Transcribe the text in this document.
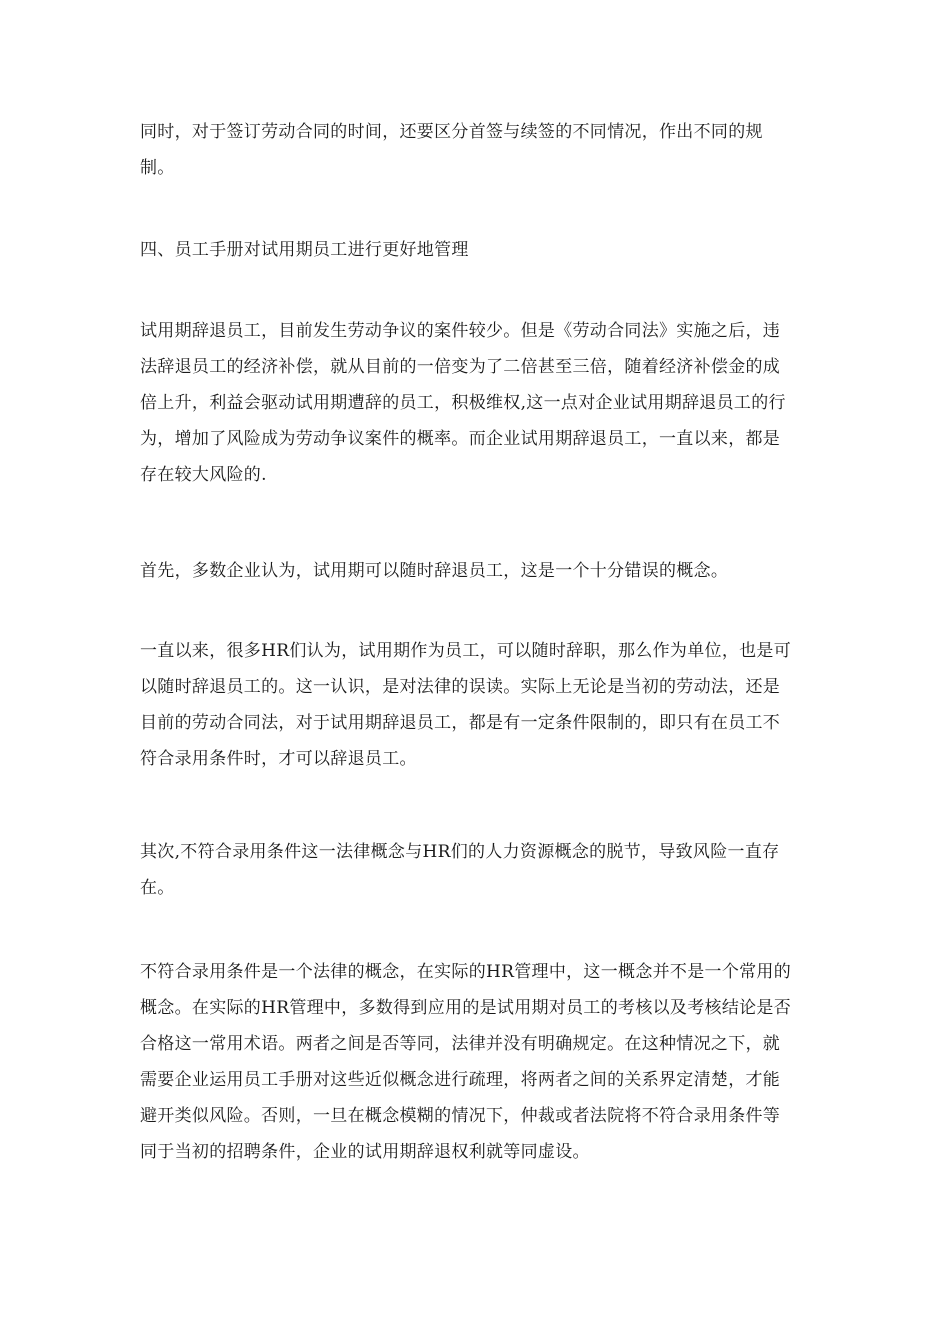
同时，对于签订劳动合同的时间，还要区分首签与续签的不同情况，作出不同的规
制。

四、员工手册对试用期员工进行更好地管理

试用期辞退员工，目前发生劳动争议的案件较少。但是《劳动合同法》实施之后，违
法辞退员工的经济补偿，就从目前的一倍变为了二倍甚至三倍，随着经济补偿金的成
倍上升，利益会驱动试用期遭辞的员工，积极维权,这一点对企业试用期辞退员工的行
为，增加了风险成为劳动争议案件的概率。而企业试用期辞退员工，一直以来，都是
存在较大风险的.

首先，多数企业认为，试用期可以随时辞退员工，这是一个十分错误的概念。

一直以来，很多HR们认为，试用期作为员工，可以随时辞职，那么作为单位，也是可
以随时辞退员工的。这一认识，是对法律的误读。实际上无论是当初的劳动法，还是
目前的劳动合同法，对于试用期辞退员工，都是有一定条件限制的，即只有在员工不
符合录用条件时，才可以辞退员工。

其次,不符合录用条件这一法律概念与HR们的人力资源概念的脱节，导致风险一直存
在。

不符合录用条件是一个法律的概念，在实际的HR管理中，这一概念并不是一个常用的
概念。在实际的HR管理中，多数得到应用的是试用期对员工的考核以及考核结论是否
合格这一常用术语。两者之间是否等同，法律并没有明确规定。在这种情况之下，就
需要企业运用员工手册对这些近似概念进行疏理，将两者之间的关系界定清楚，才能
避开类似风险。否则，一旦在概念模糊的情况下，仲裁或者法院将不符合录用条件等
同于当初的招聘条件，企业的试用期辞退权利就等同虚设。
